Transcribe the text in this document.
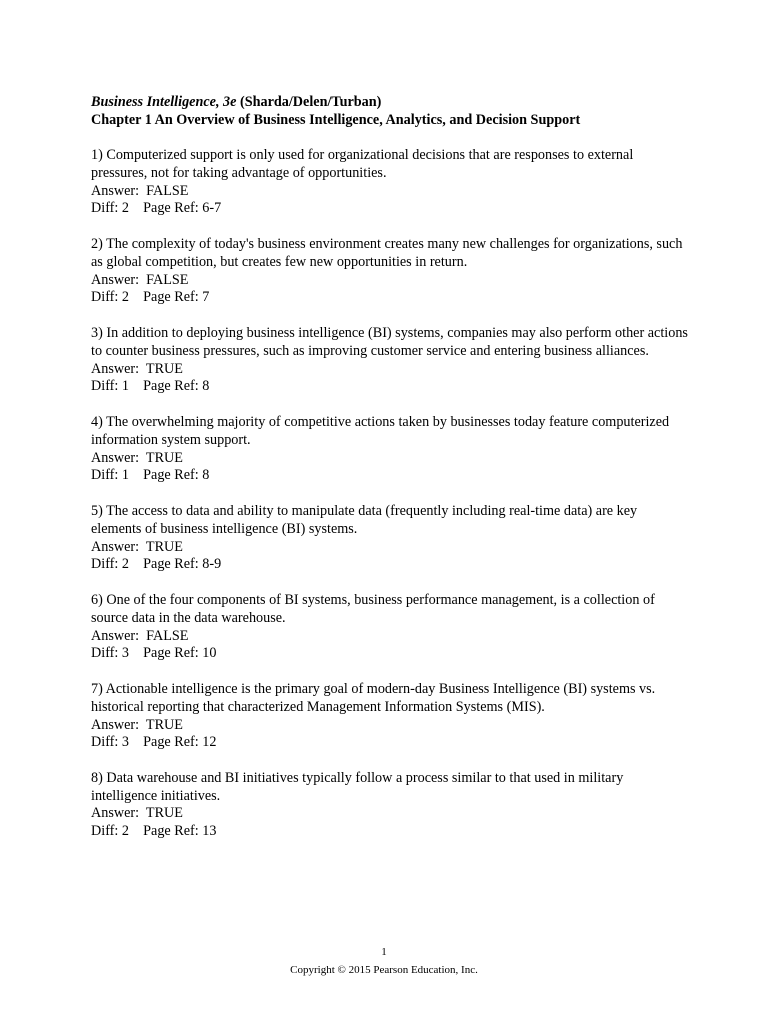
Business Intelligence, 3e (Sharda/Delen/Turban)
Chapter 1 An Overview of Business Intelligence, Analytics, and Decision Support
1) Computerized support is only used for organizational decisions that are responses to external pressures, not for taking advantage of opportunities.
Answer:  FALSE
Diff: 2    Page Ref: 6-7
2) The complexity of today's business environment creates many new challenges for organizations, such as global competition, but creates few new opportunities in return.
Answer:  FALSE
Diff: 2    Page Ref: 7
3) In addition to deploying business intelligence (BI) systems, companies may also perform other actions to counter business pressures, such as improving customer service and entering business alliances.
Answer:  TRUE
Diff: 1    Page Ref: 8
4) The overwhelming majority of competitive actions taken by businesses today feature computerized information system support.
Answer:  TRUE
Diff: 1    Page Ref: 8
5) The access to data and ability to manipulate data (frequently including real-time data) are key elements of business intelligence (BI) systems.
Answer:  TRUE
Diff: 2    Page Ref: 8-9
6) One of the four components of BI systems, business performance management, is a collection of source data in the data warehouse.
Answer:  FALSE
Diff: 3    Page Ref: 10
7) Actionable intelligence is the primary goal of modern-day Business Intelligence (BI) systems vs. historical reporting that characterized Management Information Systems (MIS).
Answer:  TRUE
Diff: 3    Page Ref: 12
8) Data warehouse and BI initiatives typically follow a process similar to that used in military intelligence initiatives.
Answer:  TRUE
Diff: 2    Page Ref: 13
1
Copyright © 2015 Pearson Education, Inc.
